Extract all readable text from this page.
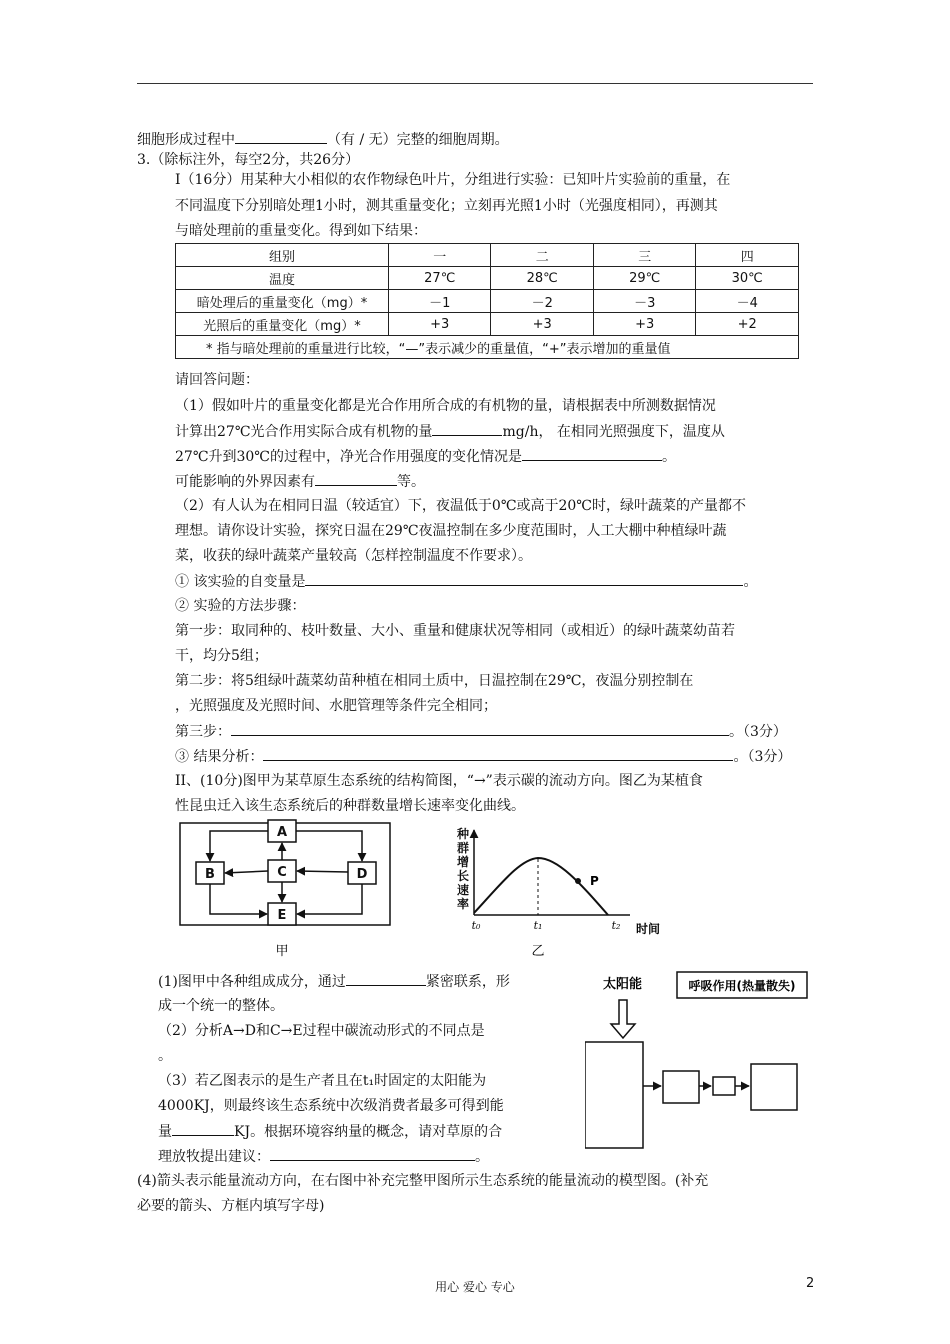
细胞形成过程中	（有 / 无）完整的细胞周期。
3.（除标注外，每空2分，共26分）
I（16分）用某种大小相似的农作物绿色叶片，分组进行实验：已知叶片实验前的重量，在
不同温度下分别暗处理1小时，测其重量变化；立刻再光照1小时（光强度相同），再测其
与暗处理前的重量变化。得到如下结果：
组别	一	二	三	四
温度	27℃	28℃	29℃	30℃
暗处理后的重量变化（mg）*	－1	－2	－3	－4
光照后的重量变化（mg）*	+3	+3	+3	+2
* 指与暗处理前的重量进行比较，“—”表示减少的重量值，“+”表示增加的重量值				
请回答问题：
（1）假如叶片的重量变化都是光合作用所合成的有机物的量，请根据表中所测数据情况
计算出27℃光合作用实际合成有机物的量	mg/h， 在相同光照强度下，温度从
27℃升到30℃的过程中，净光合作用强度的变化情况是	。
可能影响的外界因素有	等。
（2）有人认为在相同日温（较适宜）下，夜温低于0℃或高于20℃时，绿叶蔬菜的产量都不
理想。请你设计实验，探究日温在29℃夜温控制在多少度范围时，人工大棚中种植绿叶蔬
菜，收获的绿叶蔬菜产量较高（怎样控制温度不作要求）。
① 该实验的自变量是	。
② 实验的方法步骤：
第一步：取同种的、枝叶数量、大小、重量和健康状况等相同（或相近）的绿叶蔬菜幼苗若
干，均分5组；
第二步：将5组绿叶蔬菜幼苗种植在相同土质中，日温控制在29℃，夜温分别控制在
，光照强度及光照时间、水肥管理等条件完全相同；
第三步：	。（3分）
③ 结果分析：	。（3分）
II、(10分)图甲为某草原生态系统的结构简图，“→”表示碳的流动方向。图乙为某植食
性昆虫迁入该生态系统后的种群数量增长速率变化曲线。
A
B	C	D
E
甲
种
群
增
长
速
率
P
t₀	t₁	t₂ 时间
乙
(1)图甲中各种组成成分，通过	紧密联系，形
成一个统一的整体。
（2）分析A→D和C→E过程中碳流动形式的不同点是
。
（3）若乙图表示的是生产者且在t₁时固定的太阳能为
4000KJ，则最终该生态系统中次级消费者最多可得到能
量	KJ。根据环境容纳量的概念，请对草原的合
理放牧提出建议：	。
太阳能	呼吸作用(热量散失)
(4)箭头表示能量流动方向，在右图中补充完整甲图所示生态系统的能量流动的模型图。(补充
必要的箭头、方框内填写字母)
用心 爱心 专心	2
